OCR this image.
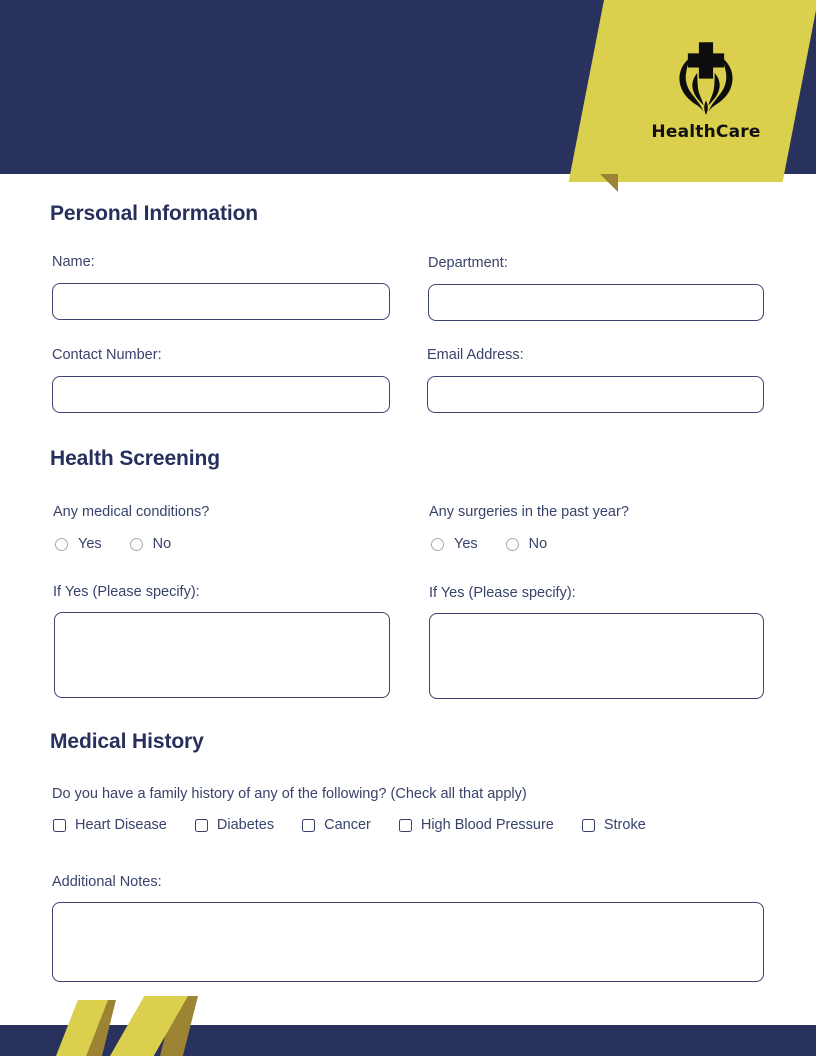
HealthCare
Personal Information
Name:	Department:
Contact Number:	Email Address:
Health Screening
Any medical conditions?
Yes	No
If Yes (Please specify):
Any surgeries in the past year?
Yes	No
If Yes (Please specify):
Medical History
Do you have a family history of any of the following? (Check all that apply)
Heart Disease	Diabetes	Cancer	High Blood Pressure	Stroke
Additional Notes:
